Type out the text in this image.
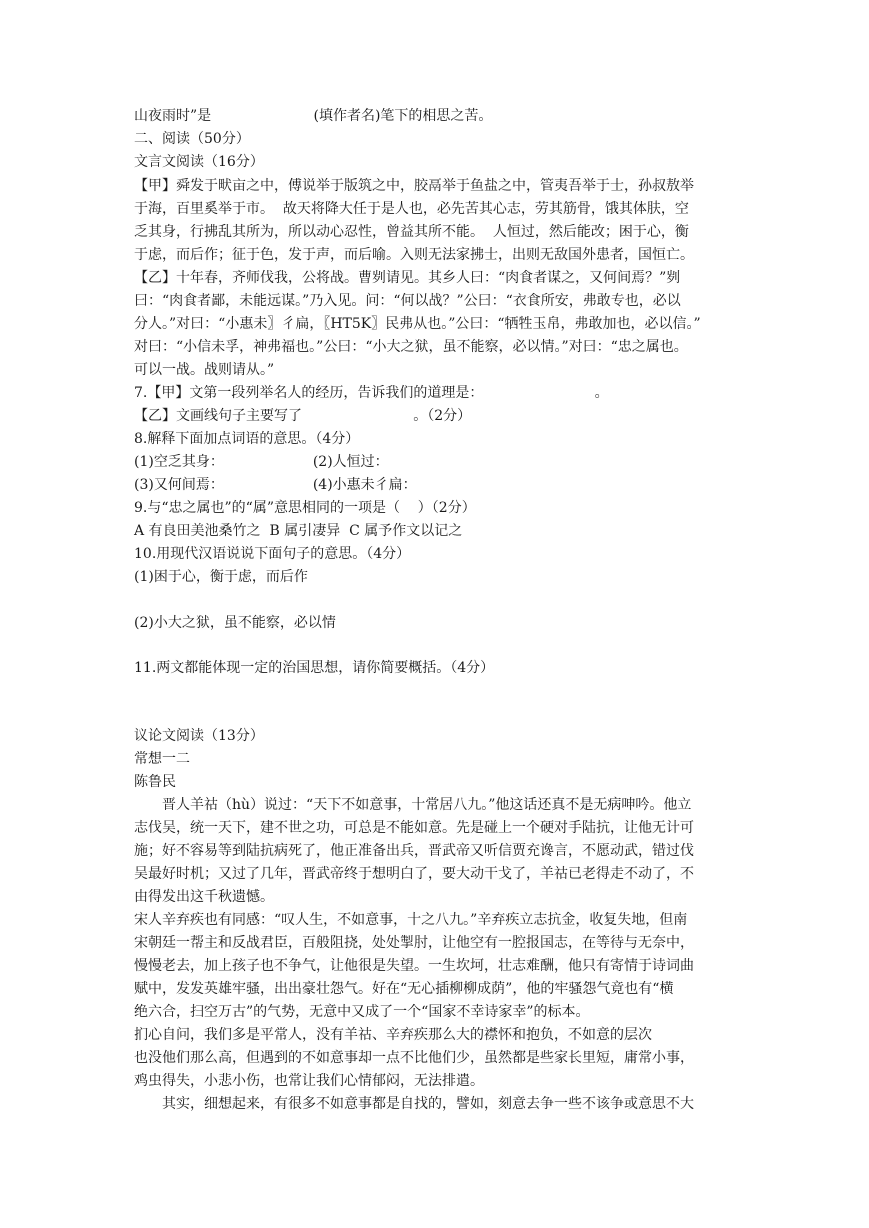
山夜雨时”是                       (填作者名)笔下的相思之苦。
二、阅读（50分）
文言文阅读（16分）
【甲】舜发于畎亩之中，傅说举于版筑之中，胶鬲举于鱼盐之中，管夷吾举于士，孙叔敖举
于海，百里奚举于市。  故天将降大任于是人也，必先苦其心志，劳其筋骨，饿其体肤，空
乏其身，行拂乱其所为，所以动心忍性，曾益其所不能。  人恒过，然后能改；困于心，衡
于虑，而后作；征于色，发于声，而后喻。入则无法家拂士，出则无敌国外患者，国恒亡。
【乙】十年春，齐师伐我，公将战。曹刿请见。其乡人曰：“肉食者谋之，又何间焉？”刿
曰：“肉食者鄙，未能远谋。”乃入见。问：“何以战？”公曰：“衣食所安，弗敢专也，必以
分人。”对曰：“小惠未〗彳扁，〖HT5K〗民弗从也。”公曰：“牺牲玉帛，弗敢加也，必以信。”
对曰：“小信未孚，神弗福也。”公曰：“小大之狱，虽不能察，必以情。”对曰：“忠之属也。
可以一战。战则请从。”
7.【甲】文第一段列举名人的经历，告诉我们的道理是：                         。
【乙】文画线句子主要写了                         。（2分）
8.解释下面加点词语的意思。（4分）
(1)空乏其身：                    (2)人恒过：
(3)又何间焉：                    (4)小惠未彳扁：
9.与“忠之属也”的“属”意思相同的一项是（    ）（2分）
A 有良田美池桑竹之  B 属引凄异  C 属予作文以记之
10.用现代汉语说说下面句子的意思。（4分）
(1)困于心，衡于虑，而后作
(2)小大之狱，虽不能察，必以情
11.两文都能体现一定的治国思想，请你简要概括。（4分）
议论文阅读（13分）
常想一二
陈鲁民
晋人羊祜（hù）说过：“天下不如意事，十常居八九。”他这话还真不是无病呻吟。他立
志伐吴，统一天下，建不世之功，可总是不能如意。先是碰上一个硬对手陆抗，让他无计可
施；好不容易等到陆抗病死了，他正准备出兵，晋武帝又听信贾充谗言，不愿动武，错过伐
吴最好时机；又过了几年，晋武帝终于想明白了，要大动干戈了，羊祜已老得走不动了，不
由得发出这千秋遗憾。
宋人辛弃疾也有同感：“叹人生，不如意事，十之八九。”辛弃疾立志抗金，收复失地，但南
宋朝廷一帮主和反战君臣，百般阻挠，处处掣肘，让他空有一腔报国志，在等待与无奈中，
慢慢老去，加上孩子也不争气，让他很是失望。一生坎坷，壮志难酬，他只有寄情于诗词曲
赋中，发发英雄牢骚，出出豪壮怨气。好在“无心插柳柳成荫”，他的牢骚怨气竟也有“横
绝六合，扫空万古”的气势，无意中又成了一个“国家不幸诗家幸”的标本。
扪心自问，我们多是平常人，没有羊祜、辛弃疾那么大的襟怀和抱负，不如意的层次
也没他们那么高，但遇到的不如意事却一点不比他们少，虽然都是些家长里短，庸常小事，
鸡虫得失，小悲小伤，也常让我们心情郁闷，无法排遣。
其实，细想起来，有很多不如意事都是自找的，譬如，刻意去争一些不该争或意思不大
